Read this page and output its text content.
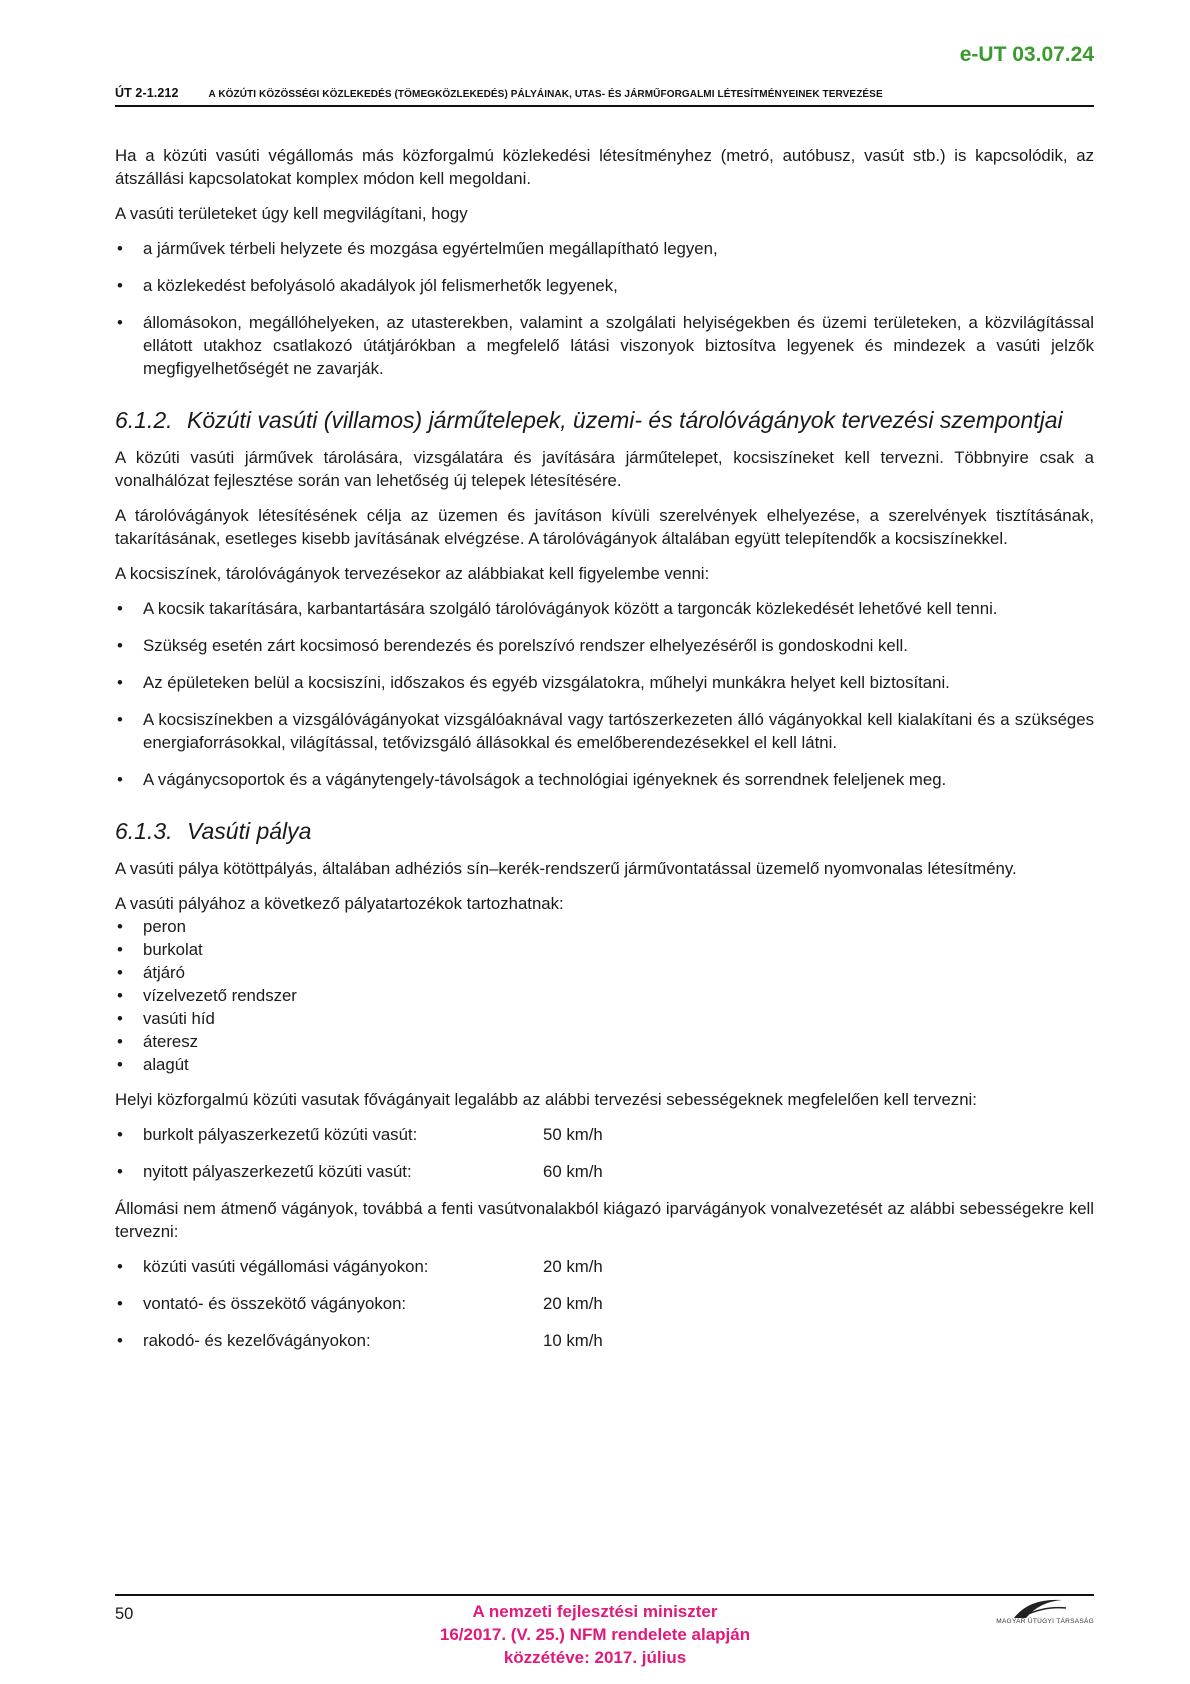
e-UT 03.07.24

ÚT 2-1.212	A KÖZÚTI KÖZÖSSÉGI KÖZLEKEDÉS (TÖMEGKÖZLEKEDÉS) PÁLYÁINAK, UTAS- ÉS JÁRMŰFORGALMI LÉTESÍTMÉNYEINEK TERVEZÉSE

Ha a közúti vasúti végállomás más közforgalmú közlekedési létesítményhez (metró, autóbusz, vasút stb.) is kapcsolódik, az átszállási kapcsolatokat komplex módon kell megoldani.

A vasúti területeket úgy kell megvilágítani, hogy

• a járművek térbeli helyzete és mozgása egyértelműen megállapítható legyen,
• a közlekedést befolyásoló akadályok jól felismerhetők legyenek,
• állomásokon, megállóhelyeken, az utasterekben, valamint a szolgálati helyiségekben és üzemi területeken, a közvilágítással ellátott utakhoz csatlakozó útátjárókban a megfelelő látási viszonyok biztosítva legyenek és mindezek a vasúti jelzők megfigyelhetőségét ne zavarják.
6.1.2. Közúti vasúti (villamos) járműtelepek, üzemi- és tárolóvágányok tervezési szempontjai

A közúti vasúti járművek tárolására, vizsgálatára és javítására járműtelepet, kocsiszíneket kell tervezni. Többnyire csak a vonalhálózat fejlesztése során van lehetőség új telepek létesítésére.

A tárolóvágányok létesítésének célja az üzemen és javításon kívüli szerelvények elhelyezése, a szerelvények tisztításának, takarításának, esetleges kisebb javításának elvégzése. A tárolóvágányok általában együtt telepítendők a kocsiszínekkel.

A kocsiszínek, tárolóvágányok tervezésekor az alábbiakat kell figyelembe venni:

• A kocsik takarítására, karbantartására szolgáló tárolóvágányok között a targoncák közlekedését lehetővé kell tenni.
• Szükség esetén zárt kocsimosó berendezés és porelszívó rendszer elhelyezéséről is gondoskodni kell.
• Az épületeken belül a kocsiszíni, időszakos és egyéb vizsgálatokra, műhelyi munkákra helyet kell biztosítani.
• A kocsiszínekben a vizsgálóvágányokat vizsgálóaknával vagy tartószerkezeten álló vágányokkal kell kialakítani és a szükséges energiaforrásokkal, világítással, tetővizsgáló állásokkal és emelőberendezésekkel el kell látni.
• A vágánycsoportok és a vágánytengely-távolságok a technológiai igényeknek és sorrendnek feleljenek meg.
6.1.3. Vasúti pálya

A vasúti pálya kötöttpályás, általában adhéziós sín–kerék-rendszerű járművontatással üzemelő nyomvonalas létesítmény.

A vasúti pályához a következő pályatartozékok tartozhatnak:

• peron
• burkolat
• átjáró
• vízelvezető rendszer
• vasúti híd
• áteresz
• alagút

Helyi közforgalmú közúti vasutak fővágányait legalább az alábbi tervezési sebességeknek megfelelően kell tervezni:

• burkolt pályaszerkezetű közúti vasút:	50 km/h
• nyitott pályaszerkezetű közúti vasút:	60 km/h

Állomási nem átmenő vágányok, továbbá a fenti vasútvonalakból kiágazó iparvágányok vonalvezetését az alábbi sebességekre kell tervezni:

• közúti vasúti végállomási vágányokon:	20 km/h
• vontató- és összekötő vágányokon:	20 km/h
• rakodó- és kezelővágányokon:	10 km/h

50	A nemzeti fejlesztési miniszter
16/2017. (V. 25.) NFM rendelete alapján
közzétéve: 2017. július

MAGYAR ÚTÜGYI TÁRSASÁG
